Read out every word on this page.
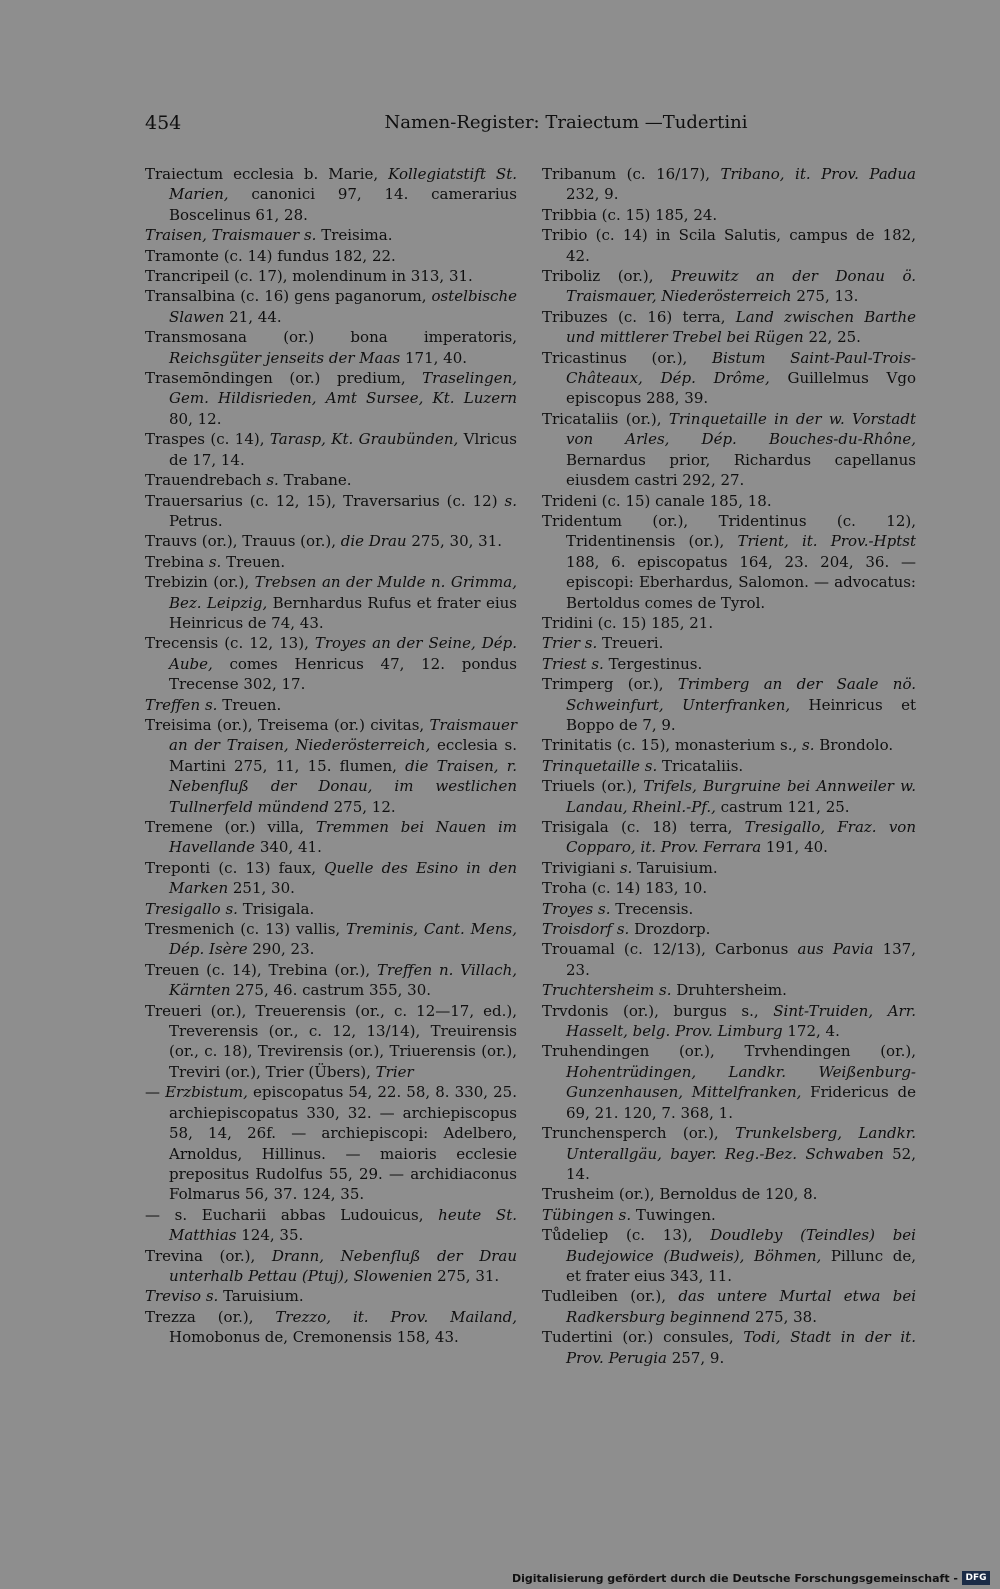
454	Namen-Register: Traiectum —Tudertini
Traiectum ecclesia b. Marie, Kollegiatstift St. Marien, canonici 97, 14. camerarius Boscelinus 61, 28.
Traisen, Traismauer s. Treisima.
Tramonte (c. 14) fundus 182, 22.
Trancripeil (c. 17), molendinum in 313, 31.
Transalbina (c. 16) gens paganorum, ostelbische Slawen 21, 44.
Transmosana (or.) bona imperatoris, Reichsgüter jenseits der Maas 171, 40.
Trasemōndingen (or.) predium, Traselingen, Gem. Hildisrieden, Amt Sursee, Kt. Luzern 80, 12.
Traspes (c. 14), Tarasp, Kt. Graubünden, Vlricus de 17, 14.
Trauendrebach s. Trabane.
Trauersarius (c. 12, 15), Traversarius (c. 12) s. Petrus.
Trauvs (or.), Trauus (or.), die Drau 275, 30, 31.
Trebina s. Treuen.
Trebizin (or.), Trebsen an der Mulde n. Grimma, Bez. Leipzig, Bernhardus Rufus et frater eius Heinricus de 74, 43.
Trecensis (c. 12, 13), Troyes an der Seine, Dép. Aube, comes Henricus 47, 12. pondus Trecense 302, 17.
Treffen s. Treuen.
Treisima (or.), Treisema (or.) civitas, Traismauer an der Traisen, Niederösterreich, ecclesia s. Martini 275, 11, 15. flumen, die Traisen, r. Nebenfluß der Donau, im westlichen Tullnerfeld mündend 275, 12.
Tremene (or.) villa, Tremmen bei Nauen im Havellande 340, 41.
Treponti (c. 13) faux, Quelle des Esino in den Marken 251, 30.
Tresigallo s. Trisigala.
Tresmenich (c. 13) vallis, Treminis, Cant. Mens, Dép. Isère 290, 23.
Treuen (c. 14), Trebina (or.), Treffen n. Villach, Kärnten 275, 46. castrum 355, 30.
Treueri (or.), Treuerensis (or., c. 12—17, ed.), Treverensis (or., c. 12, 13/14), Treuirensis (or., c. 18), Trevirensis (or.), Triuerensis (or.), Treviri (or.), Trier (Übers), Trier
— Erzbistum, episcopatus 54, 22. 58, 8. 330, 25. archiepiscopatus 330, 32. — archiepiscopus 58, 14, 26f. — archiepiscopi: Adelbero, Arnoldus, Hillinus. — maioris ecclesie prepositus Rudolfus 55, 29. — archidiaconus Folmarus 56, 37. 124, 35.
— s. Eucharii abbas Ludouicus, heute St. Matthias 124, 35.
Trevina (or.), Drann, Nebenfluß der Drau unterhalb Pettau (Ptuj), Slowenien 275, 31.
Treviso s. Taruisium.
Trezza (or.), Trezzo, it. Prov. Mailand, Homobonus de, Cremonensis 158, 43.
Tribanum (c. 16/17), Tribano, it. Prov. Padua 232, 9.
Tribbia (c. 15) 185, 24.
Tribio (c. 14) in Scila Salutis, campus de 182, 42.
Triboliz (or.), Preuwitz an der Donau ö. Traismauer, Niederösterreich 275, 13.
Tribuzes (c. 16) terra, Land zwischen Barthe und mittlerer Trebel bei Rügen 22, 25.
Tricastinus (or.), Bistum Saint-Paul-Trois-Châteaux, Dép. Drôme, Guillelmus Vgo episcopus 288, 39.
Tricataliis (or.), Trinquetaille in der w. Vorstadt von Arles, Dép. Bouches-du-Rhône, Bernardus prior, Richardus capellanus eiusdem castri 292, 27.
Trideni (c. 15) canale 185, 18.
Tridentum (or.), Tridentinus (c. 12), Tridentinensis (or.), Trient, it. Prov.-Hptst 188, 6. episcopatus 164, 23. 204, 36. — episcopi: Eberhardus, Salomon. — advocatus: Bertoldus comes de Tyrol.
Tridini (c. 15) 185, 21.
Trier s. Treueri.
Triest s. Tergestinus.
Trimperg (or.), Trimberg an der Saale nö. Schweinfurt, Unterfranken, Heinricus et Boppo de 7, 9.
Trinitatis (c. 15), monasterium s., s. Brondolo.
Trinquetaille s. Tricataliis.
Triuels (or.), Trifels, Burgruine bei Annweiler w. Landau, Rheinl.-Pf., castrum 121, 25.
Trisigala (c. 18) terra, Tresigallo, Fraz. von Copparo, it. Prov. Ferrara 191, 40.
Trivigiani s. Taruisium.
Troha (c. 14) 183, 10.
Troyes s. Trecensis.
Troisdorf s. Drozdorp.
Trouamal (c. 12/13), Carbonus aus Pavia 137, 23.
Truchtersheim s. Druhtersheim.
Trvdonis (or.), burgus s., Sint-Truiden, Arr. Hasselt, belg. Prov. Limburg 172, 4.
Truhendingen (or.), Trvhendingen (or.), Hohentrüdingen, Landkr. Weißenburg-Gunzenhausen, Mittelfranken, Fridericus de 69, 21. 120, 7. 368, 1.
Trunchensperch (or.), Trunkelsberg, Landkr. Unterallgäu, bayer. Reg.-Bez. Schwaben 52, 14.
Trusheim (or.), Bernoldus de 120, 8.
Tübingen s. Tuwingen.
Tůdeliep (c. 13), Doudleby (Teindles) bei Budejowice (Budweis), Böhmen, Pillunc de, et frater eius 343, 11.
Tudleiben (or.), das untere Murtal etwa bei Radkersburg beginnend 275, 38.
Tudertini (or.) consules, Todi, Stadt in der it. Prov. Perugia 257, 9.
Digitalisierung gefördert durch die Deutsche Forschungsgemeinschaft - DFG
